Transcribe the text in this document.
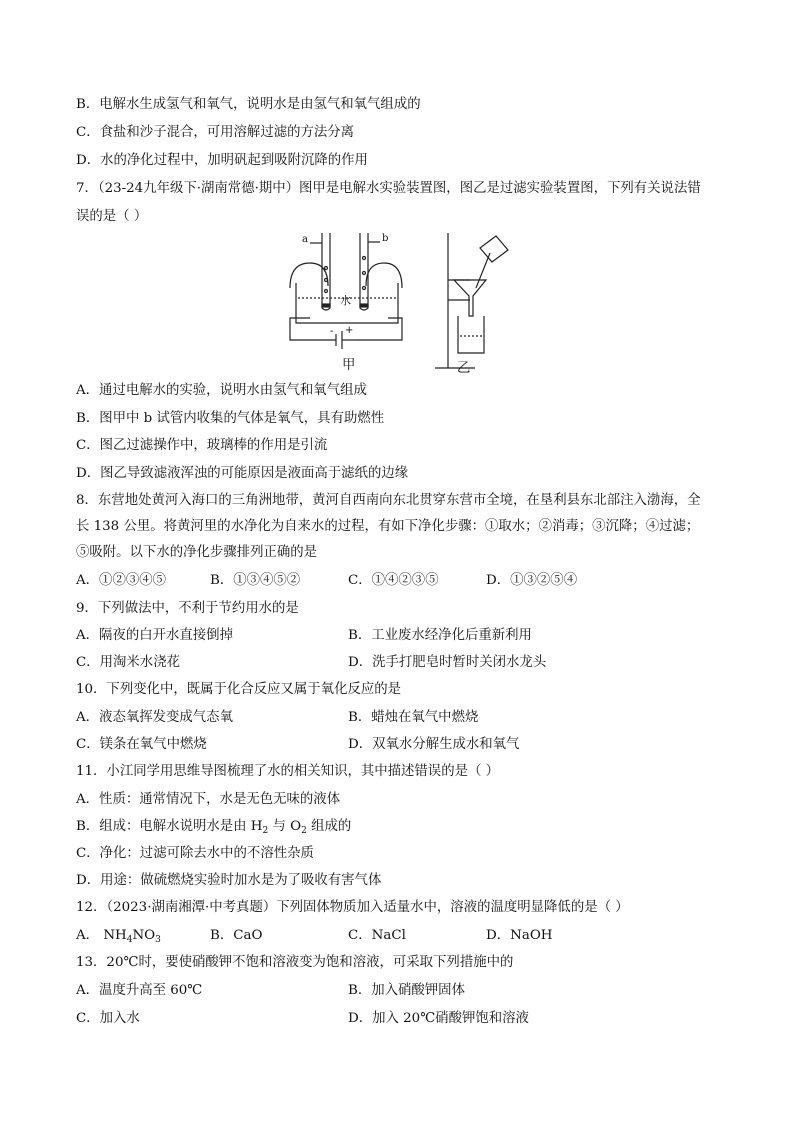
B．电解水生成氢气和氧气，说明水是由氢气和氧气组成的
C．食盐和沙子混合，可用溶解过滤的方法分离
D．水的净化过程中，加明矾起到吸附沉降的作用
7．（23-24九年级下·湖南常德·期中）图甲是电解水实验装置图，图乙是过滤实验装置图，下列有关说法错
误的是（ ）
a	b
水
- +
甲	乙
A．通过电解水的实验，说明水由氢气和氧气组成
B．图甲中 b 试管内收集的气体是氧气，具有助燃性
C．图乙过滤操作中，玻璃棒的作用是引流
D．图乙导致滤液浑浊的可能原因是液面高于滤纸的边缘
8．东营地处黄河入海口的三角洲地带，黄河自西南向东北贯穿东营市全境，在垦利县东北部注入渤海，全
长 138 公里。将黄河里的水净化为自来水的过程，有如下净化步骤：①取水；②消毒；③沉降；④过滤；
⑤吸附。以下水的净化步骤排列正确的是
A．①②③④⑤	B．①③④⑤②	C．①④②③⑤	D．①③②⑤④
9．下列做法中，不利于节约用水的是
A．隔夜的白开水直接倒掉	B．工业废水经净化后重新利用
C．用淘米水浇花	D．洗手打肥皂时暂时关闭水龙头
10．下列变化中，既属于化合反应又属于氧化反应的是
A．液态氧挥发变成气态氧	B．蜡烛在氧气中燃烧
C．镁条在氧气中燃烧	D．双氧水分解生成水和氧气
11．小江同学用思维导图梳理了水的相关知识，其中描述错误的是（ ）
A．性质：通常情况下，水是无色无味的液体
B．组成：电解水说明水是由 $H_2$ 与 $O_2$ 组成的
C．净化：过滤可除去水中的不溶性杂质
D．用途：做硫燃烧实验时加水是为了吸收有害气体
12．（2023·湖南湘潭·中考真题）下列固体物质加入适量水中，溶液的温度明显降低的是（ ）
A． $NH_4NO_3$	B．CaO	C．NaCl	D．NaOH
13．20℃时，要使硝酸钾不饱和溶液变为饱和溶液，可采取下列措施中的
A．温度升高至 60℃	B．加入硝酸钾固体
C．加入水	D．加入 20℃硝酸钾饱和溶液
